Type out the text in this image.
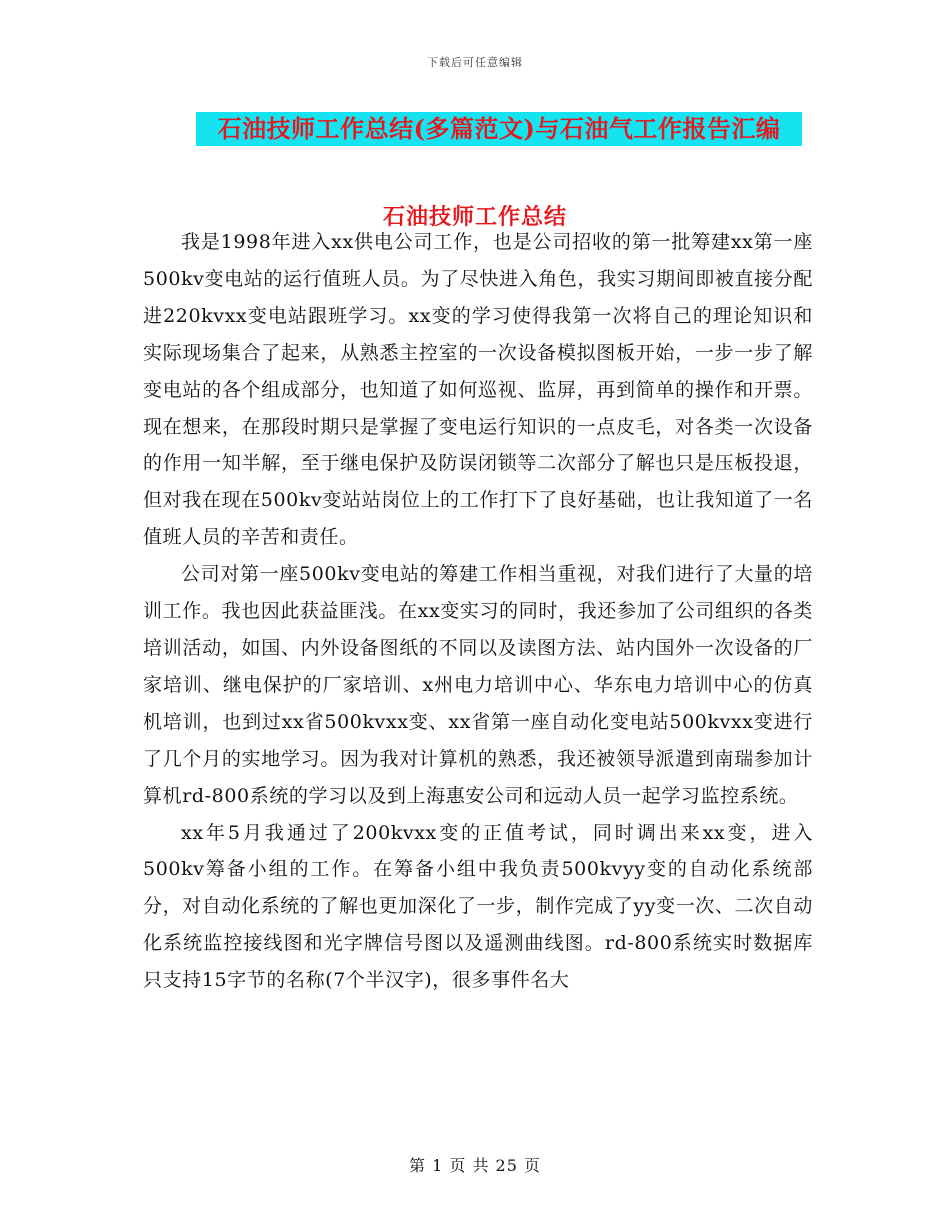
下载后可任意编辑
石油技师工作总结(多篇范文)与石油气工作报告汇编
石油技师工作总结

我是1998年进入xx供电公司工作，也是公司招收的第一批筹建xx第一座500kv变电站的运行值班人员。为了尽快进入角色，我实习期间即被直接分配进220kvxx变电站跟班学习。xx变的学习使得我第一次将自己的理论知识和实际现场集合了起来，从熟悉主控室的一次设备模拟图板开始，一步一步了解变电站的各个组成部分，也知道了如何巡视、监屏，再到简单的操作和开票。现在想来，在那段时期只是掌握了变电运行知识的一点皮毛，对各类一次设备的作用一知半解，至于继电保护及防误闭锁等二次部分了解也只是压板投退，但对我在现在500kv变站站岗位上的工作打下了良好基础，也让我知道了一名值班人员的辛苦和责任。

公司对第一座500kv变电站的筹建工作相当重视，对我们进行了大量的培训工作。我也因此获益匪浅。在xx变实习的同时，我还参加了公司组织的各类培训活动，如国、内外设备图纸的不同以及读图方法、站内国外一次设备的厂家培训、继电保护的厂家培训、x州电力培训中心、华东电力培训中心的仿真机培训，也到过xx省500kvxx变、xx省第一座自动化变电站500kvxx变进行了几个月的实地学习。因为我对计算机的熟悉，我还被领导派遣到南瑞参加计算机rd-800系统的学习以及到上海惠安公司和远动人员一起学习监控系统。

xx年5月我通过了200kvxx变的正值考试，同时调出来xx变，进入500kv筹备小组的工作。在筹备小组中我负责500kvyy变的自动化系统部分，对自动化系统的了解也更加深化了一步，制作完成了yy变一次、二次自动化系统监控接线图和光字牌信号图以及遥测曲线图。rd-800系统实时数据库只支持15字节的名称(7个半汉字)，很多事件名大

第 1 页 共 25 页
